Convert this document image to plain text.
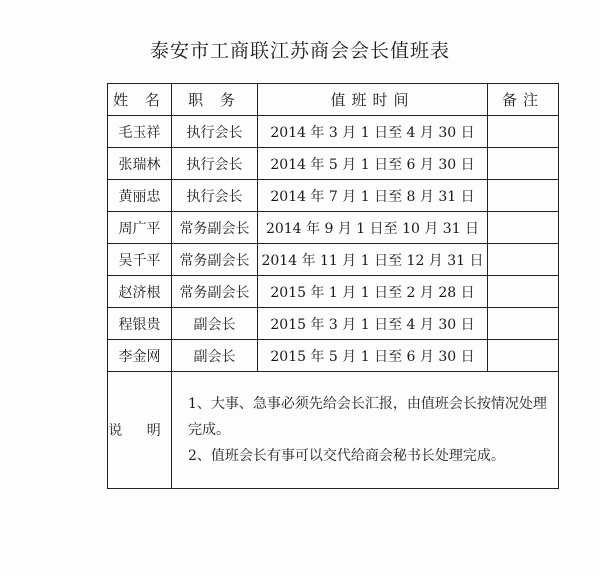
泰安市工商联江苏商会会长值班表
姓 名	职 务	值班时间	备注
毛玉祥	执行会长	2014 年 3 月 1 日至 4 月 30 日	
张瑞林	执行会长	2014 年 5 月 1 日至 6 月 30 日	
黄丽忠	执行会长	2014 年 7 月 1 日至 8 月 31 日	
周广平	常务副会长	2014 年 9 月 1 日至 10 月 31 日	
吴千平	常务副会长	2014 年 11 月 1 日至 12 月 31 日	
赵济根	常务副会长	2015 年 1 月 1 日至 2 月 28 日	
程银贵	副会长	2015 年 3 月 1 日至 4 月 30 日	
李金网	副会长	2015 年 5 月 1 日至 6 月 30 日	
说 明	1、大事、急事必须先给会长汇报，由值班会长按情况处理完成。
2、值班会长有事可以交代给商会秘书长处理完成。		
